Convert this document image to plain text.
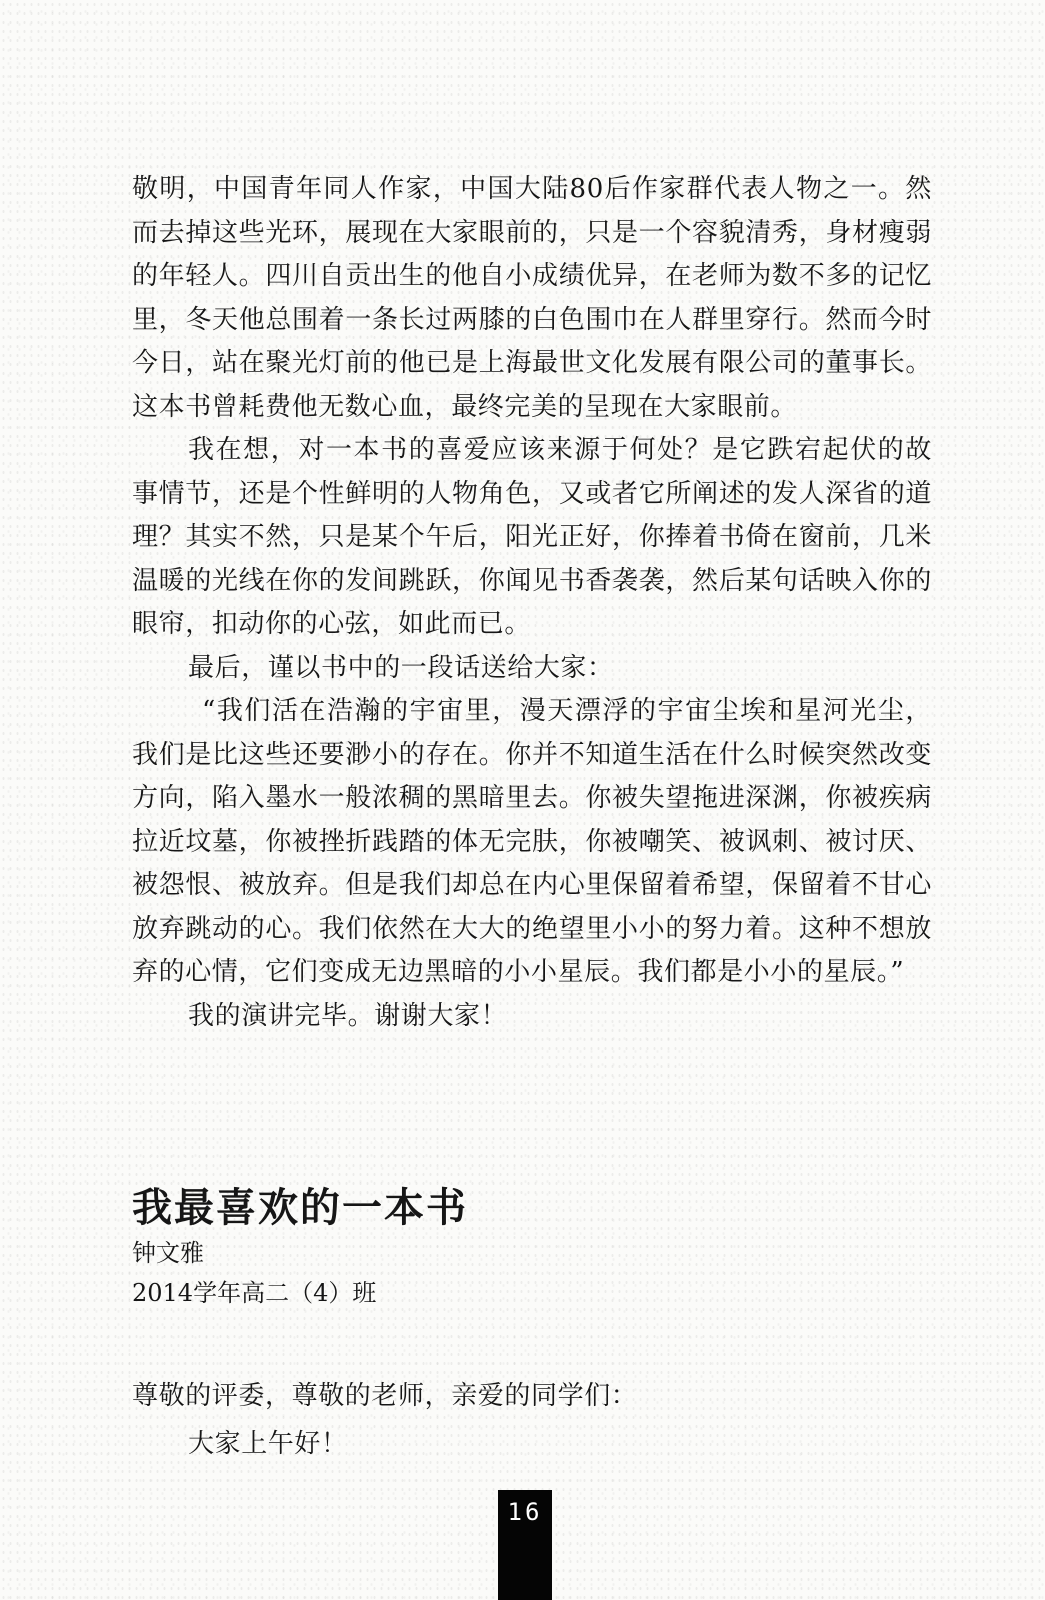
敬明，中国青年同人作家，中国大陆80后作家群代表人物之一。然而去掉这些光环，展现在大家眼前的，只是一个容貌清秀，身材瘦弱的年轻人。四川自贡出生的他自小成绩优异，在老师为数不多的记忆里，冬天他总围着一条长过两膝的白色围巾在人群里穿行。然而今时今日，站在聚光灯前的他已是上海最世文化发展有限公司的董事长。这本书曾耗费他无数心血，最终完美的呈现在大家眼前。

我在想，对一本书的喜爱应该来源于何处？是它跌宕起伏的故事情节，还是个性鲜明的人物角色，又或者它所阐述的发人深省的道理？其实不然，只是某个午后，阳光正好，你捧着书倚在窗前，几米温暖的光线在你的发间跳跃，你闻见书香袭袭，然后某句话映入你的眼帘，扣动你的心弦，如此而已。

最后，谨以书中的一段话送给大家：

“我们活在浩瀚的宇宙里，漫天漂浮的宇宙尘埃和星河光尘，我们是比这些还要渺小的存在。你并不知道生活在什么时候突然改变方向，陷入墨水一般浓稠的黑暗里去。你被失望拖进深渊，你被疾病拉近坟墓，你被挫折践踏的体无完肤，你被嘲笑、被讽刺、被讨厌、被怨恨、被放弃。但是我们却总在内心里保留着希望，保留着不甘心放弃跳动的心。我们依然在大大的绝望里小小的努力着。这种不想放弃的心情，它们变成无边黑暗的小小星辰。我们都是小小的星辰。”

我的演讲完毕。谢谢大家！

我最喜欢的一本书

钟文雅

2014学年高二（4）班

尊敬的评委，尊敬的老师，亲爱的同学们：

大家上午好！

16
